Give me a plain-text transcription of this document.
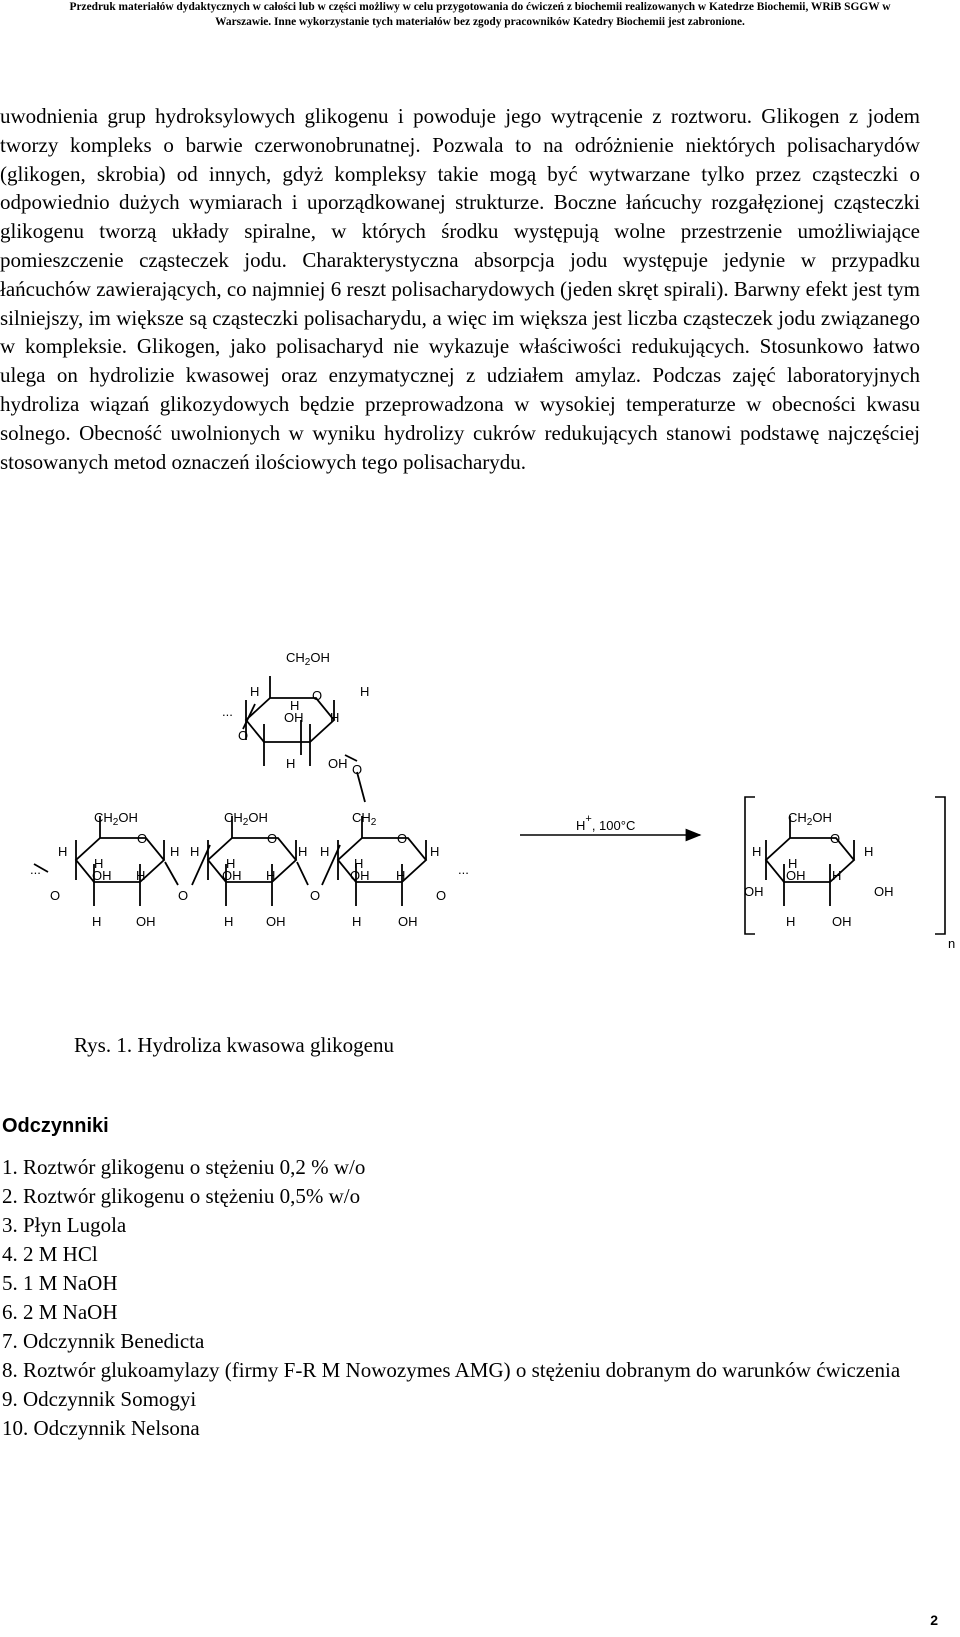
Przedruk materiałów dydaktycznych w całości lub w części możliwy w celu przygotowania do ćwiczeń z biochemii realizowanych w Katedrze Biochemii, WRiB SGGW w
Warszawie. Inne wykorzystanie tych materiałów bez zgody pracowników Katedry Biochemii jest zabronione.

uwodnienia grup hydroksylowych glikogenu i powoduje jego wytrącenie z roztworu. Glikogen z jodem tworzy kompleks o barwie czerwonobrunatnej. Pozwala to na odróżnienie niektórych polisacharydów (glikogen, skrobia) od innych, gdyż kompleksy takie mogą być wytwarzane tylko przez cząsteczki o odpowiednio dużych wymiarach i uporządkowanej strukturze. Boczne łańcuchy rozgałęzionej cząsteczki glikogenu tworzą układy spiralne, w których środku występują wolne przestrzenie umożliwiające pomieszczenie cząsteczek jodu. Charakterystyczna absorpcja jodu występuje jedynie w przypadku łańcuchów zawierających, co najmniej 6 reszt polisacharydowych (jeden skręt spirali). Barwny efekt jest tym silniejszy, im większe są cząsteczki polisacharydu, a więc im większa jest liczba cząsteczek jodu związanego w kompleksie. Glikogen, jako polisacharyd nie wykazuje właściwości redukujących. Stosunkowo łatwo ulega on hydrolizie kwasowej oraz enzymatycznej z udziałem amylaz. Podczas zajęć laboratoryjnych hydroliza wiązań glikozydowych będzie przeprowadzona w wysokiej temperaturze w obecności kwasu solnego. Obecność uwolnionych w wyniku hydrolizy cukrów redukujących stanowi podstawę najczęściej stosowanych metod oznaczeń ilościowych tego polisacharydu.

$CH_2OH$
O
H
H
H
OH H
H	OH O
O
...
$CH_2OH$
O
H
H
H
OH H
H	OH
O	O
...
$CH_2OH$
O
H
H
H
OH H
H	OH
O
$CH_2$
O
H
H
H
OH H
H	OH
O
...
$CH_2OH$
O
H
H
H
OH
OH H
OH
H	OH
H+, 100°C
n
Rys. 1. Hydroliza kwasowa glikogenu
Odczynniki
1. Roztwór glikogenu o stężeniu 0,2 % w/o
2. Roztwór glikogenu o stężeniu 0,5% w/o
3. Płyn Lugola
4. 2 M HCl
5. 1 M NaOH
6. 2 M NaOH
7. Odczynnik Benedicta
8. Roztwór glukoamylazy (firmy F-R M Nowozymes AMG) o stężeniu dobranym do warunków ćwiczenia
9. Odczynnik Somogyi
10. Odczynnik Nelsona
2
